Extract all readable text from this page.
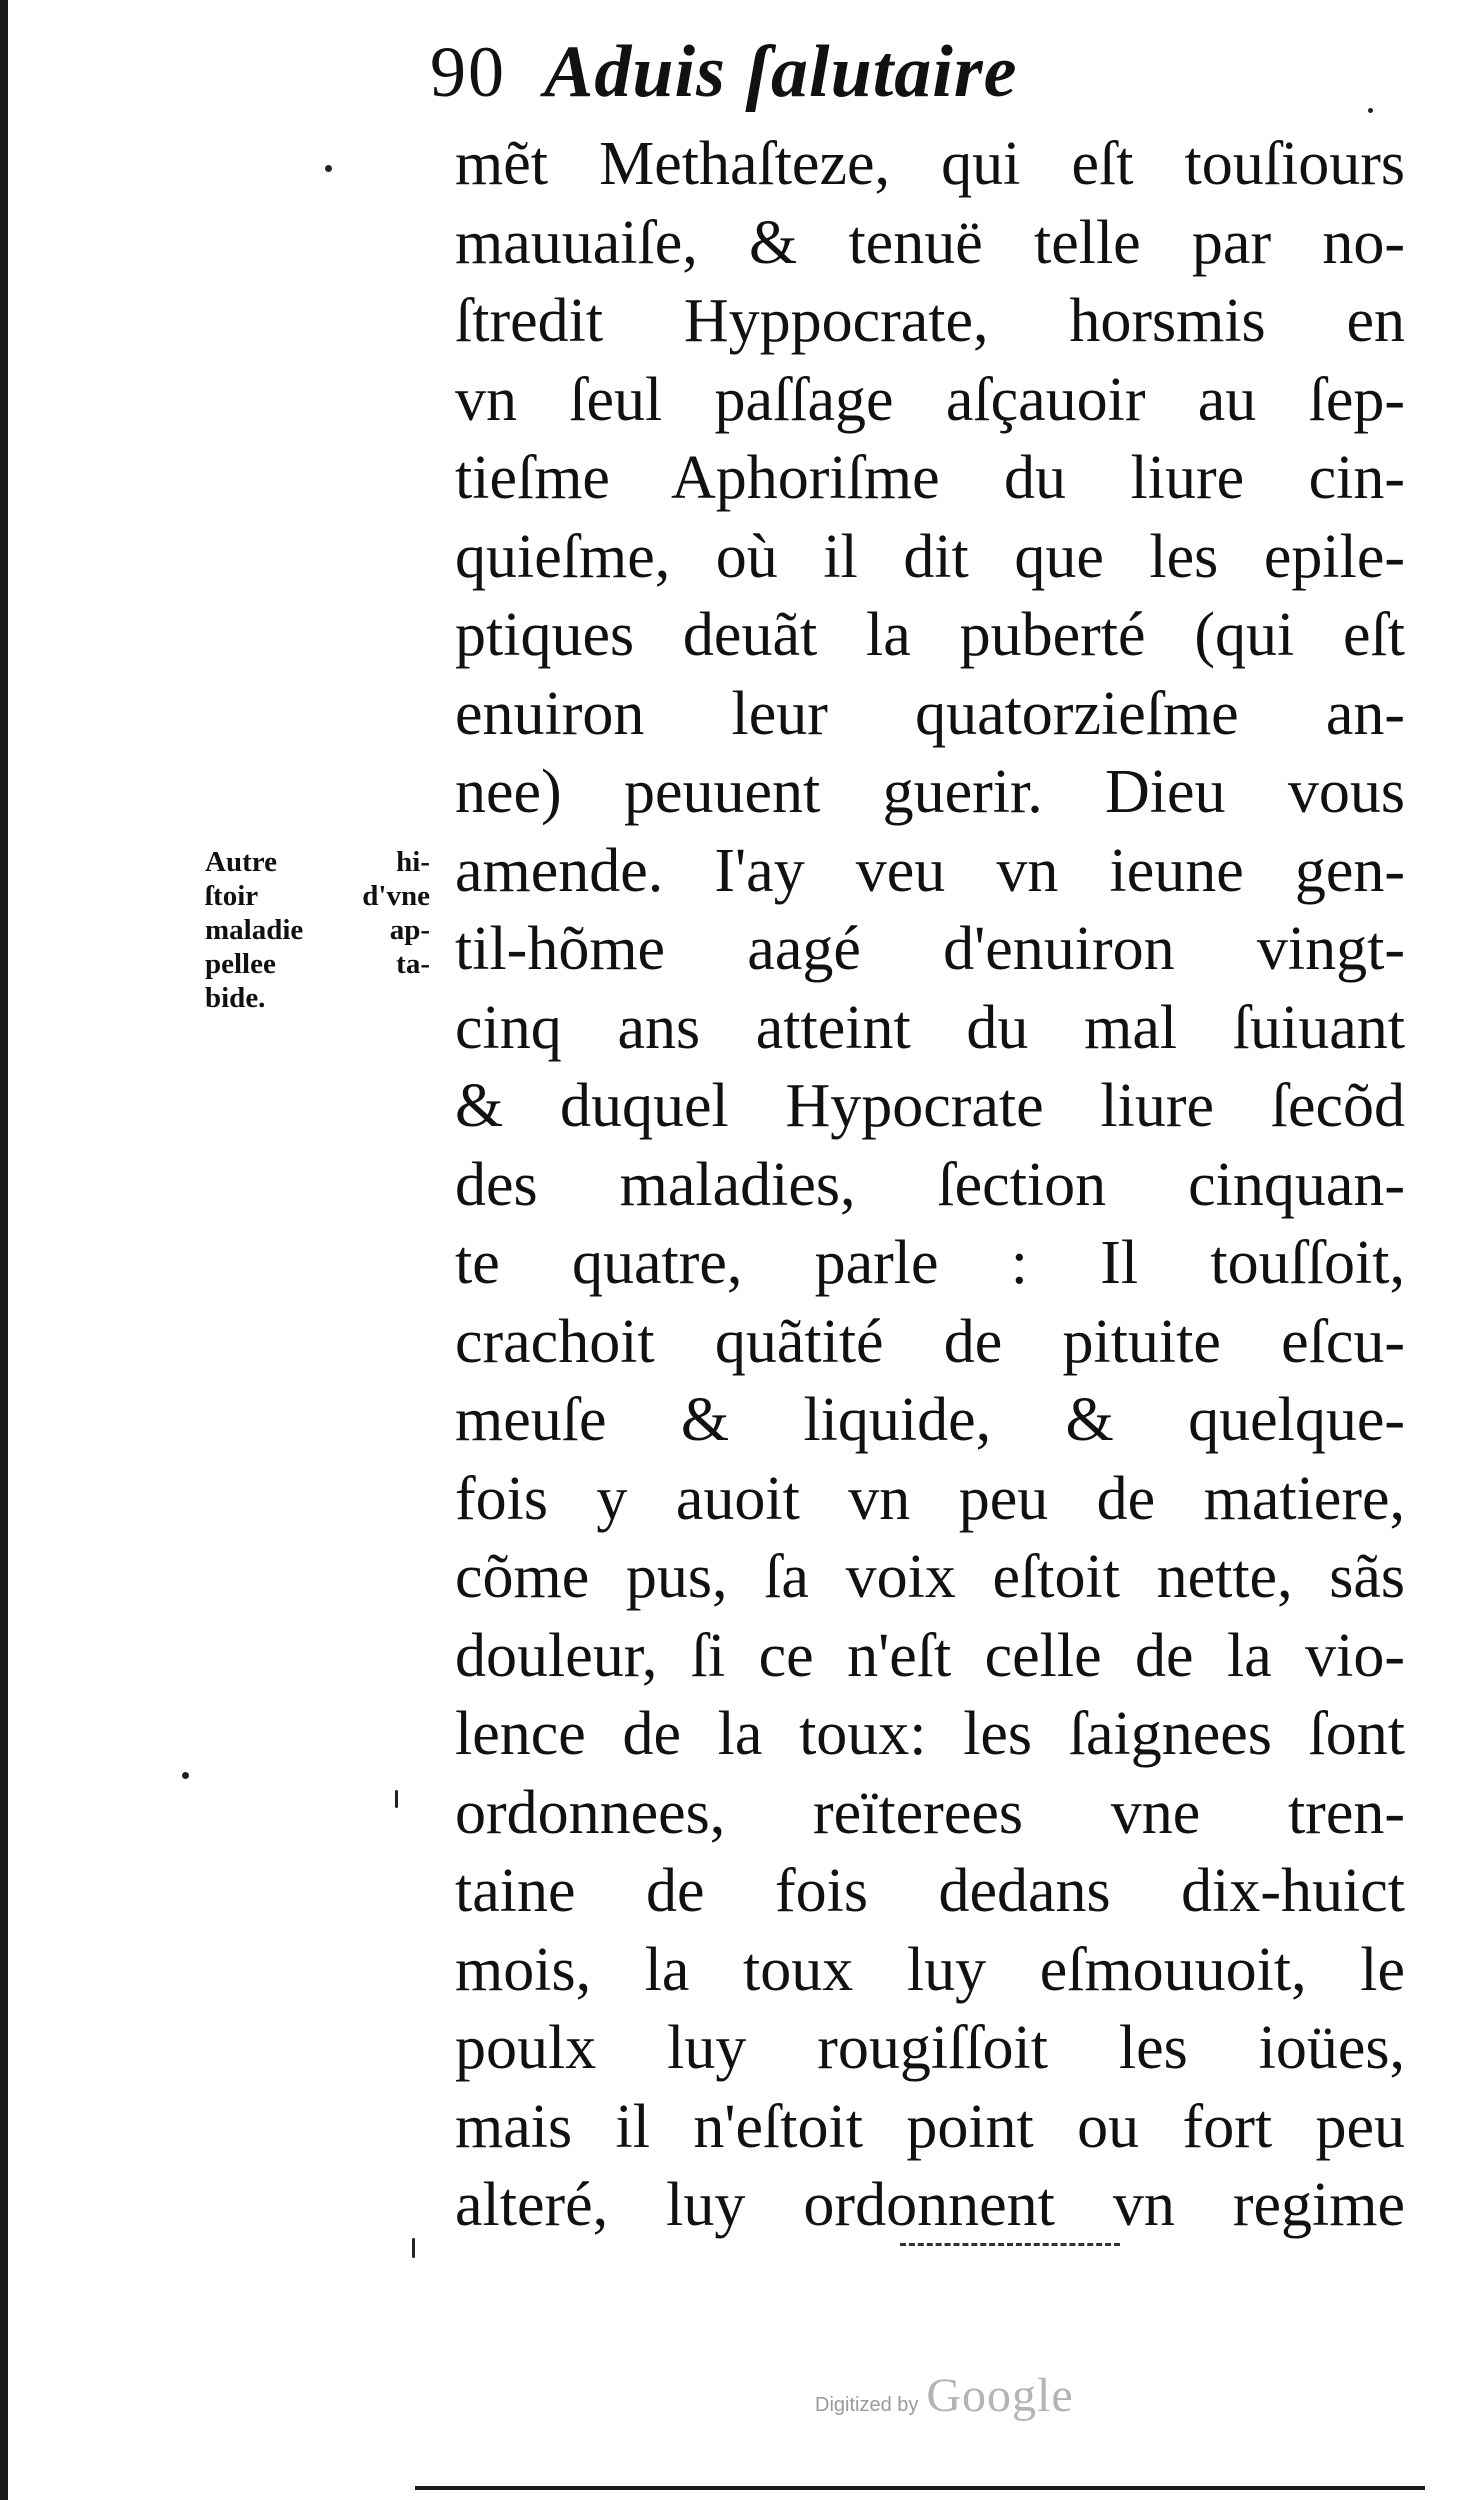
90 Aduis ſalutaire
Autre hi-
ſtoir d'vne
maladie ap-
pellee ta-
bide.
mẽt Methaſteze, qui eſt touſiours
mauuaiſe, & tenuë telle par no-
ſtredit Hyppocrate, horsmis en
vn ſeul paſſage aſçauoir au ſep-
tieſme Aphoriſme du liure cin-
quieſme, où il dit que les epile-
ptiques deuãt la puberté (qui eſt
enuiron leur quatorzieſme an-
nee) peuuent guerir. Dieu vous
amende. I'ay veu vn ieune gen-
til-hõme aagé d'enuiron vingt-
cinq ans atteint du mal ſuiuant
& duquel Hypocrate liure ſecõd
des maladies, ſection cinquan-
te quatre, parle : Il touſſoit,
crachoit quãtité de pituite eſcu-
meuſe & liquide, & quelque-
fois y auoit vn peu de matiere,
cõme pus, ſa voix eſtoit nette, sãs
douleur, ſi ce n'eſt celle de la vio-
lence de la toux: les ſaignees ſont
ordonnees, reïterees vne tren-
taine de fois dedans dix-huict
mois, la toux luy eſmouuoit, le
poulx luy rougiſſoit les ioües,
mais il n'eſtoit point ou fort peu
alteré, luy ordonnent vn regime
Digitized by Google
